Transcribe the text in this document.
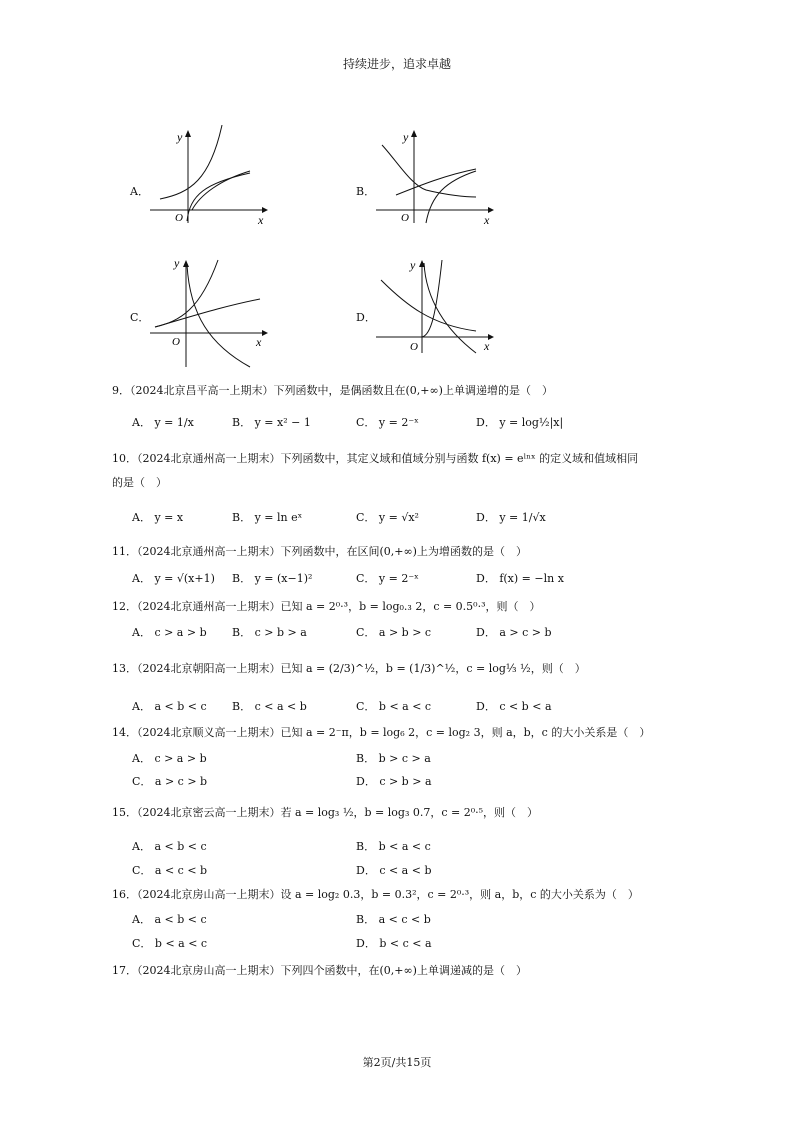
持续进步，追求卓越
A．	B．
C．	D．
x
y
O	x
y
O
x
y
O	x
y
O
9．（2024北京昌平高一上期末）下列函数中，是偶函数且在(0,+∞)上单调递增的是（　）
A． y = 1/x	B． y = x² − 1	C． y = 2⁻ˣ	D． y = log½|x|
10．（2024北京通州高一上期末）下列函数中，其定义域和值域分别与函数 f(x) = eˡⁿˣ 的定义域和值域相同
的是（　）
A． y = x	B． y = ln eˣ	C． y = √x²	D． y = 1/√x
11．（2024北京通州高一上期末）下列函数中，在区间(0,+∞)上为增函数的是（　）
A． y = √(x+1) B． y = (x−1)²	C． y = 2⁻ˣ	D． f(x) = −ln x
12．（2024北京通州高一上期末）已知 a = 2⁰·³，b = log₀.₃ 2，c = 0.5⁰·³，则（　）
A． c > a > b B． c > b > a	C． a > b > c	D． a > c > b
13．（2024北京朝阳高一上期末）已知 a = (2/3)^½，b = (1/3)^½，c = log⅓ ½，则（　）
A． a < b < c B． c < a < b	C． b < a < c	D． c < b < a
14．（2024北京顺义高一上期末）已知 a = 2⁻π，b = log₆ 2，c = log₂ 3，则 a，b，c 的大小关系是（　）
A． c > a > b	B． b > c > a
C． a > c > b	D． c > b > a
15．（2024北京密云高一上期末）若 a = log₃ ½，b = log₃ 0.7，c = 2⁰·⁵，则（　）
A． a < b < c	B． b < a < c
C． a < c < b	D． c < a < b
16．（2024北京房山高一上期末）设 a = log₂ 0.3，b = 0.3²，c = 2⁰·³，则 a，b，c 的大小关系为（　）
A． a < b < c	B． a < c < b
C． b < a < c	D． b < c < a
17．（2024北京房山高一上期末）下列四个函数中，在(0,+∞)上单调递减的是（　）
第2页/共15页
